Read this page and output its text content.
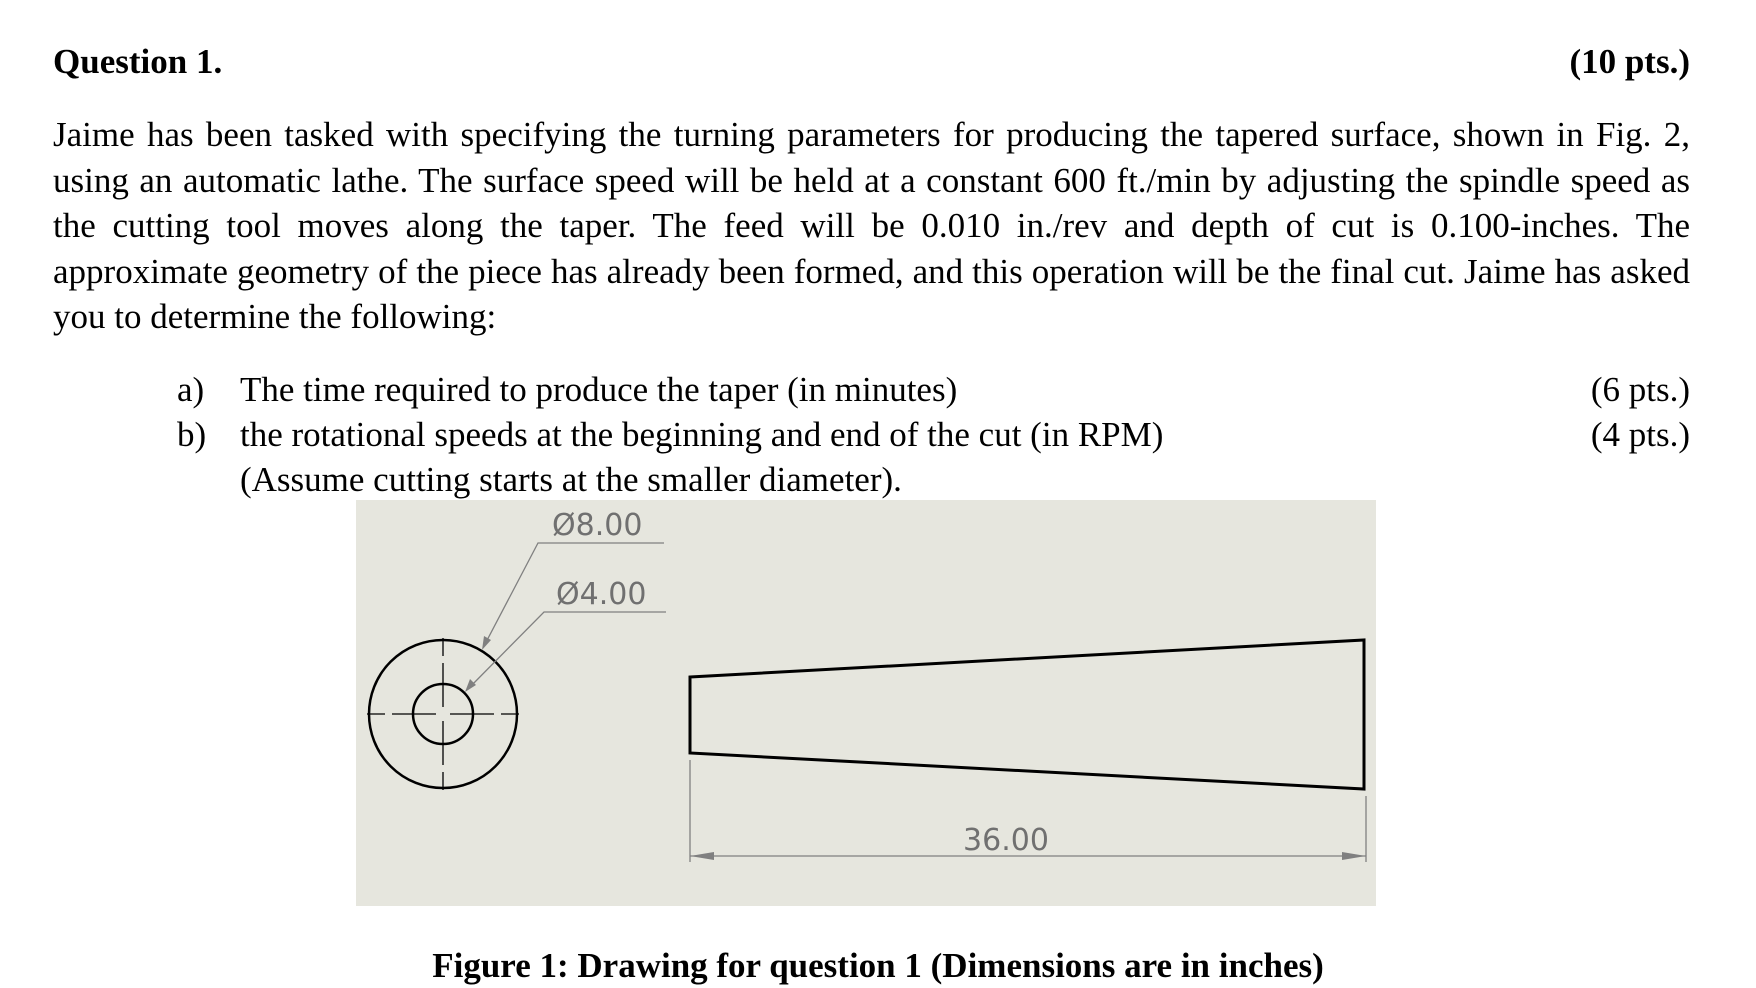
Question 1.	(10 pts.)

Jaime has been tasked with specifying the turning parameters for producing the tapered surface, shown in Fig. 2, using an automatic lathe. The surface speed will be held at a constant 600 ft./min by adjusting the spindle speed as the cutting tool moves along the taper. The feed will be 0.010 in./rev and depth of cut is 0.100-inches. The approximate geometry of the piece has already been formed, and this operation will be the final cut. Jaime has asked you to determine the following:

a) The time required to produce the taper (in minutes)	(6 pts.)
b) the rotational speeds at the beginning and end of the cut (in RPM)	(4 pts.)
(Assume cutting starts at the smaller diameter).
Ø8.00
Ø4.00
36.00
Figure 1: Drawing for question 1 (Dimensions are in inches)
